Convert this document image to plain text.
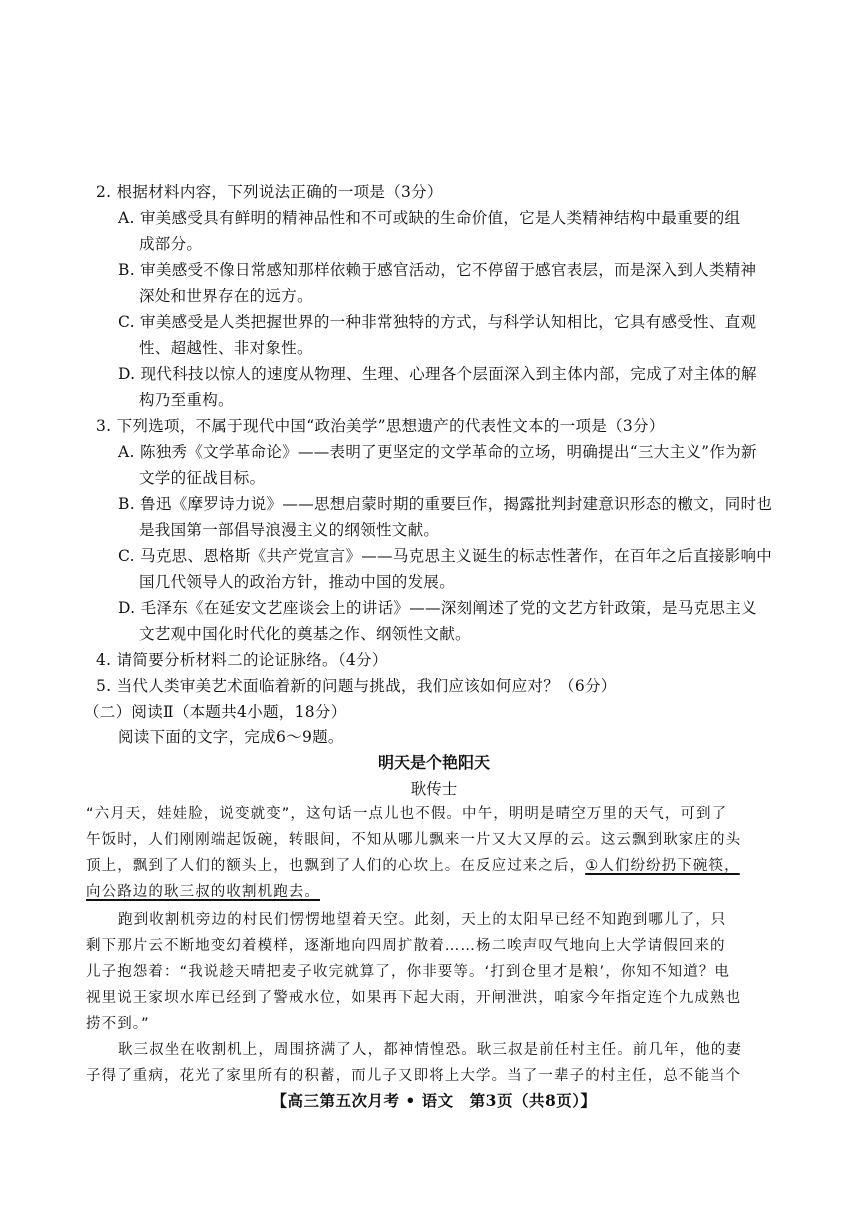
2. 根据材料内容，下列说法正确的一项是（3分）
A. 审美感受具有鲜明的精神品性和不可或缺的生命价值，它是人类精神结构中最重要的组
成部分。
B. 审美感受不像日常感知那样依赖于感官活动，它不停留于感官表层，而是深入到人类精神
深处和世界存在的远方。
C. 审美感受是人类把握世界的一种非常独特的方式，与科学认知相比，它具有感受性、直观
性、超越性、非对象性。
D. 现代科技以惊人的速度从物理、生理、心理各个层面深入到主体内部，完成了对主体的解
构乃至重构。
3. 下列选项，不属于现代中国“政治美学”思想遗产的代表性文本的一项是（3分）
A. 陈独秀《文学革命论》——表明了更坚定的文学革命的立场，明确提出“三大主义”作为新
文学的征战目标。
B. 鲁迅《摩罗诗力说》——思想启蒙时期的重要巨作，揭露批判封建意识形态的檄文，同时也
是我国第一部倡导浪漫主义的纲领性文献。
C. 马克思、恩格斯《共产党宣言》——马克思主义诞生的标志性著作，在百年之后直接影响中
国几代领导人的政治方针，推动中国的发展。
D. 毛泽东《在延安文艺座谈会上的讲话》——深刻阐述了党的文艺方针政策，是马克思主义
文艺观中国化时代化的奠基之作、纲领性文献。
4. 请简要分析材料二的论证脉络。（4分）
5. 当代人类审美艺术面临着新的问题与挑战，我们应该如何应对？（6分）
（二）阅读Ⅱ（本题共4小题，18分）
阅读下面的文字，完成6～9题。
明天是个艳阳天
耿传士
“六月天，娃娃脸，说变就变”，这句话一点儿也不假。中午，明明是晴空万里的天气，可到了
午饭时，人们刚刚端起饭碗，转眼间，不知从哪儿飘来一片又大又厚的云。这云飘到耿家庄的头
顶上，飘到了人们的额头上，也飘到了人们的心坎上。在反应过来之后，①人们纷纷扔下碗筷，
向公路边的耿三叔的收割机跑去。
跑到收割机旁边的村民们愣愣地望着天空。此刻，天上的太阳早已经不知跑到哪儿了，只
剩下那片云不断地变幻着模样，逐渐地向四周扩散着……杨二唉声叹气地向上大学请假回来的
儿子抱怨着：“我说趁天晴把麦子收完就算了，你非要等。‘打到仓里才是粮’，你知不知道？电
视里说王家坝水库已经到了警戒水位，如果再下起大雨，开闸泄洪，咱家今年指定连个九成熟也
捞不到。”
耿三叔坐在收割机上，周围挤满了人，都神情惶恐。耿三叔是前任村主任。前几年，他的妻
子得了重病，花光了家里所有的积蓄，而儿子又即将上大学。当了一辈子的村主任，总不能当个
【高三第五次月考 • 语文　第3页（共8页）】
